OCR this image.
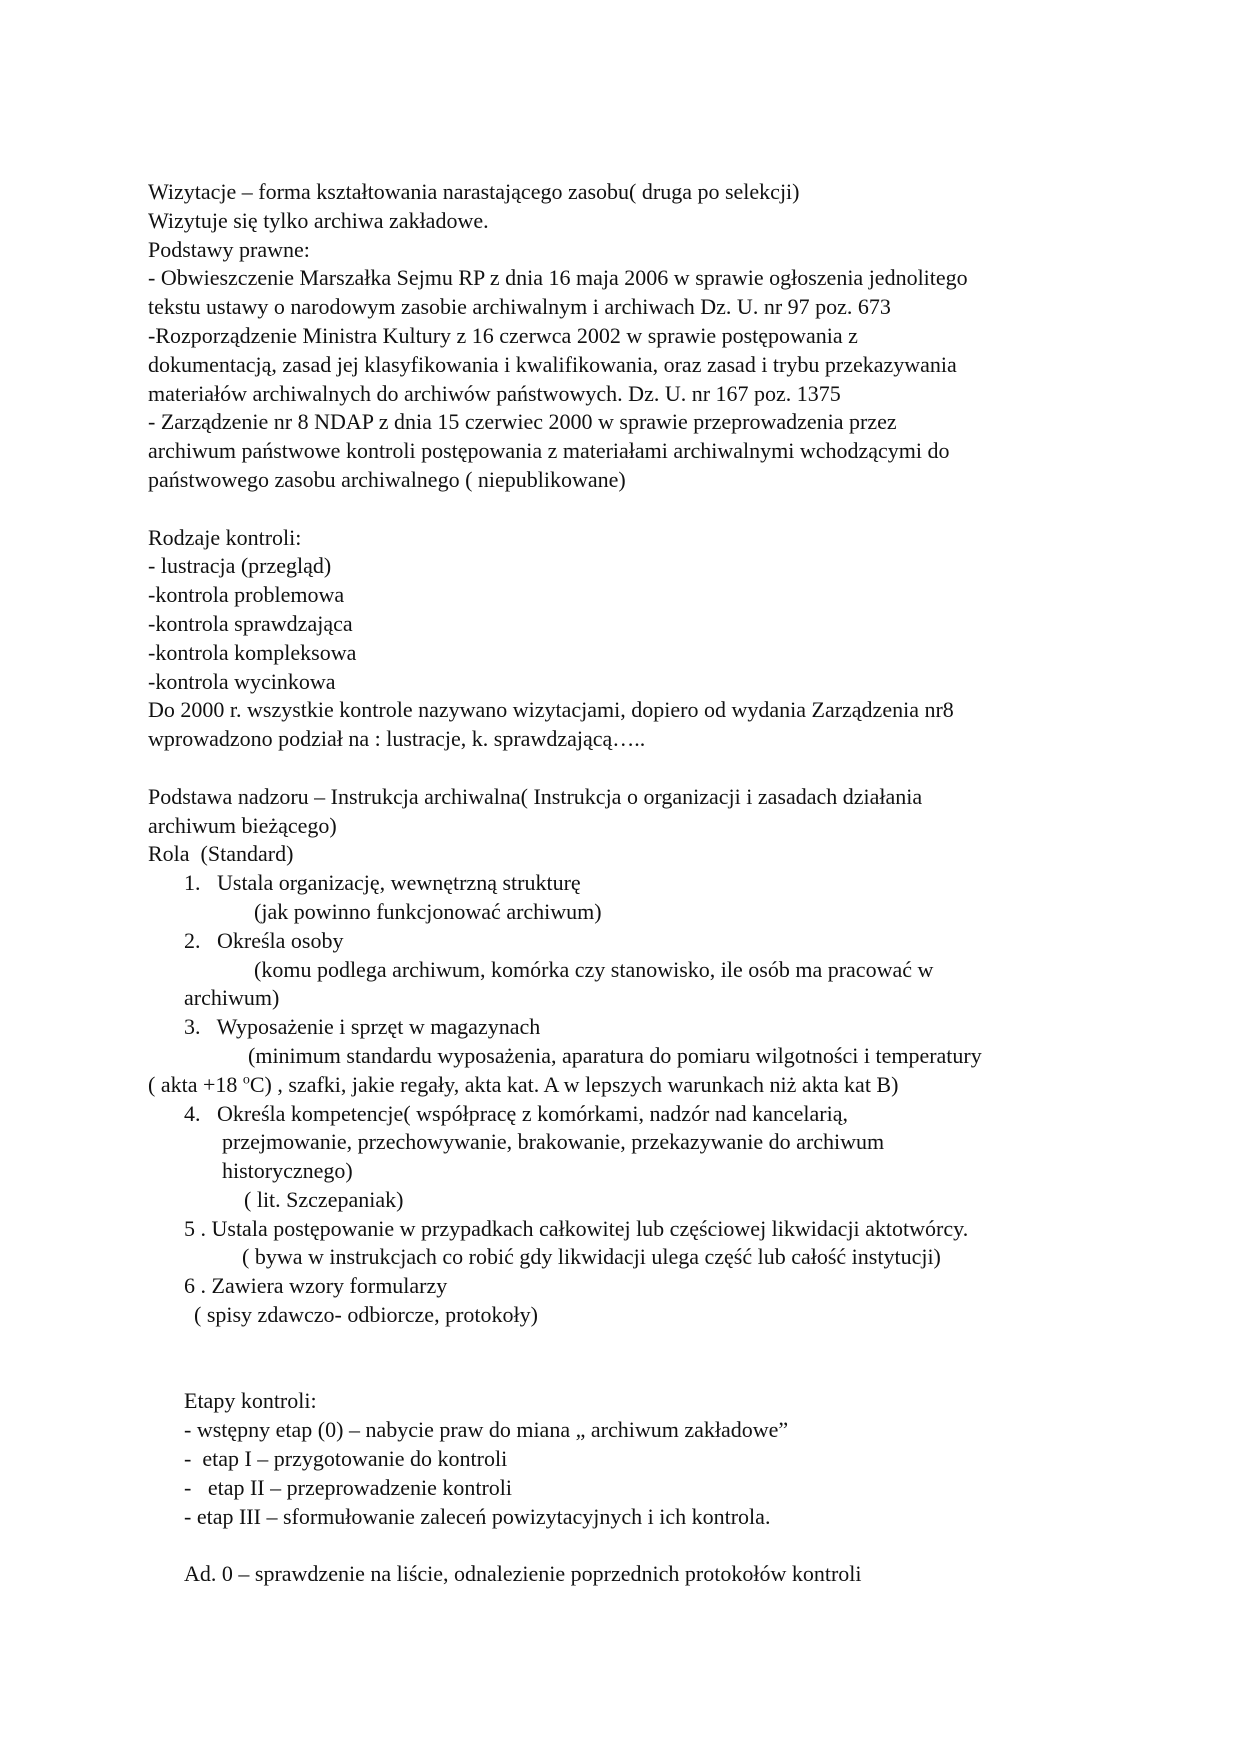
Wizytacje – forma kształtowania narastającego zasobu( druga po selekcji)
Wizytuje się tylko archiwa zakładowe.
Podstawy prawne:
- Obwieszczenie Marszałka Sejmu RP z dnia 16 maja 2006 w sprawie ogłoszenia jednolitego
tekstu ustawy o narodowym zasobie archiwalnym i archiwach Dz. U. nr 97 poz. 673
-Rozporządzenie Ministra Kultury z 16 czerwca 2002 w sprawie postępowania z
dokumentacją, zasad jej klasyfikowania i kwalifikowania, oraz zasad i trybu przekazywania
materiałów archiwalnych do archiwów państwowych. Dz. U. nr 167 poz. 1375
- Zarządzenie nr 8 NDAP z dnia 15 czerwiec 2000 w sprawie przeprowadzenia przez
archiwum państwowe kontroli postępowania z materiałami archiwalnymi wchodzącymi do
państwowego zasobu archiwalnego ( niepublikowane)
Rodzaje kontroli:
- lustracja (przegląd)
-kontrola problemowa
-kontrola sprawdzająca
-kontrola kompleksowa
-kontrola wycinkowa
Do 2000 r. wszystkie kontrole nazywano wizytacjami, dopiero od wydania Zarządzenia nr8
wprowadzono podział na : lustracje, k. sprawdzającą…..
Podstawa nadzoru – Instrukcja archiwalna( Instrukcja o organizacji i zasadach działania
archiwum bieżącego)
Rola  (Standard)
1.   Ustala organizację, wewnętrzną strukturę
(jak powinno funkcjonować archiwum)
2.   Określa osoby
(komu podlega archiwum, komórka czy stanowisko, ile osób ma pracować w
archiwum)
3.   Wyposażenie i sprzęt w magazynach
(minimum standardu wyposażenia, aparatura do pomiaru wilgotności i temperatury
( akta +18 $^o$C) , szafki, jakie regały, akta kat. A w lepszych warunkach niż akta kat B)
4.   Określa kompetencje( współpracę z komórkami, nadzór nad kancelarią,
przejmowanie, przechowywanie, brakowanie, przekazywanie do archiwum
historycznego)
( lit. Szczepaniak)
5 . Ustala postępowanie w przypadkach całkowitej lub częściowej likwidacji aktotwórcy.
( bywa w instrukcjach co robić gdy likwidacji ulega część lub całość instytucji)
6 . Zawiera wzory formularzy
( spisy zdawczo- odbiorcze, protokoły)
Etapy kontroli:
- wstępny etap (0) – nabycie praw do miana „ archiwum zakładowe”
-  etap I – przygotowanie do kontroli
-   etap II – przeprowadzenie kontroli
- etap III – sformułowanie zaleceń powizytacyjnych i ich kontrola.
Ad. 0 – sprawdzenie na liście, odnalezienie poprzednich protokołów kontroli
